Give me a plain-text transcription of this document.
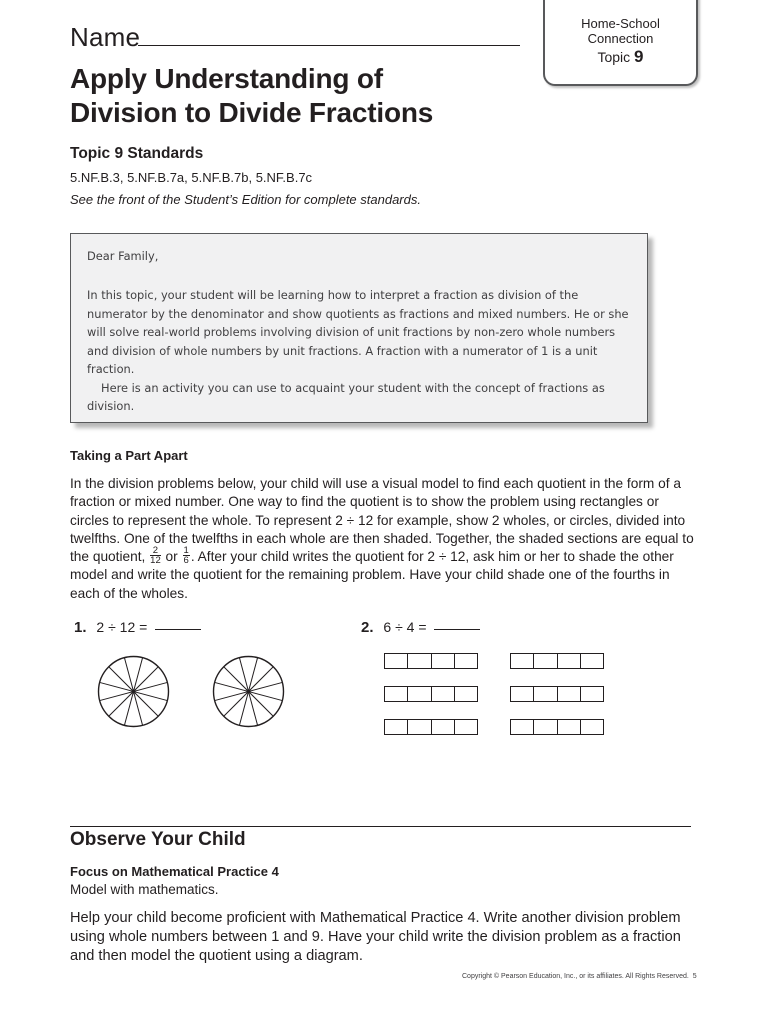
Home-School
Connection
Topic 9
Name
Apply Understanding of
Division to Divide Fractions
Topic 9 Standards
5.NF.B.3, 5.NF.B.7a, 5.NF.B.7b, 5.NF.B.7c
See the front of the Student’s Edition for complete standards.
Dear Family,
In this topic, your student will be learning how to interpret a fraction as division of the numerator by the denominator and show quotients as fractions and mixed numbers. He or she will solve real-world problems involving division of unit fractions by non-zero whole numbers and division of whole numbers by unit fractions. A fraction with a numerator of 1 is a unit fraction.
Here is an activity you can use to acquaint your student with the concept of fractions as division.
Taking a Part Apart
In the division problems below, your child will use a visual model to find each quotient in the form of a fraction or mixed number. One way to find the quotient is to show the problem using rectangles or circles to represent the whole. To represent 2 ÷ 12 for example, show 2 wholes, or circles, divided into twelfths. One of the twelfths in each whole are then shaded. Together, the shaded sections are equal to the quotient, $\frac{2}{12}$ or $\frac{1}{6}$ . After your child writes the quotient for 2 ÷ 12, ask him or her to shade the other model and write the quotient for the remaining problem. Have your child shade one of the fourths in each of the wholes.
1. 2 ÷ 12 =	2. 6 ÷ 4 =
Observe Your Child
Focus on Mathematical Practice 4
Model with mathematics.
Help your child become proficient with Mathematical Practice 4. Write another division problem using whole numbers between 1 and 9. Have your child write the division problem as a fraction and then model the quotient using a diagram.
Copyright © Pearson Education, Inc., or its affiliates. All Rights Reserved. 5
